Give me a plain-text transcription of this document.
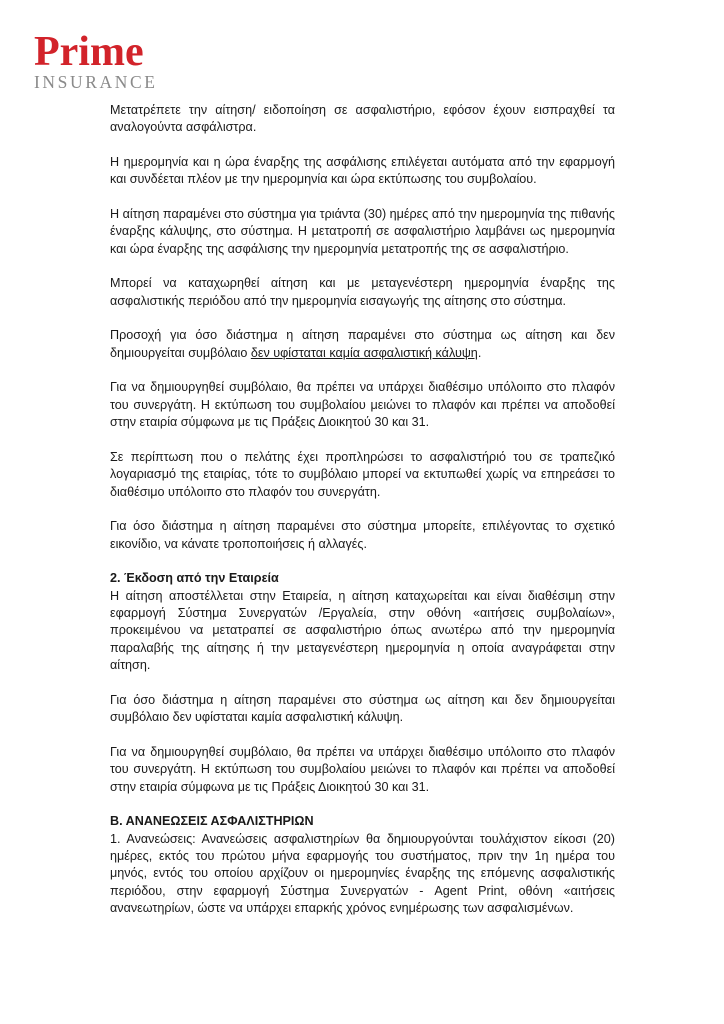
Prime
INSURANCE

Μετατρέπετε την αίτηση/ ειδοποίηση σε ασφαλιστήριο, εφόσον έχουν εισπραχθεί τα αναλογούντα ασφάλιστρα.

Η ημερομηνία και η ώρα έναρξης της ασφάλισης επιλέγεται αυτόματα από την εφαρμογή και συνδέεται πλέον με την ημερομηνία και ώρα εκτύπωσης του συμβολαίου.

Η αίτηση παραμένει στο σύστημα για τριάντα (30) ημέρες από την ημερομηνία της πιθανής έναρξης κάλυψης, στο σύστημα. Η μετατροπή σε ασφαλιστήριο λαμβάνει ως ημερομηνία και ώρα έναρξης της ασφάλισης την ημερομηνία μετατροπής της σε ασφαλιστήριο.

Μπορεί να καταχωρηθεί αίτηση και με μεταγενέστερη ημερομηνία έναρξης της ασφαλιστικής περιόδου από την ημερομηνία εισαγωγής της αίτησης στο σύστημα.

Προσοχή για όσο διάστημα η αίτηση παραμένει στο σύστημα ως αίτηση και δεν δημιουργείται συμβόλαιο δεν υφίσταται καμία ασφαλιστική κάλυψη.

Για να δημιουργηθεί συμβόλαιο, θα πρέπει να υπάρχει διαθέσιμο υπόλοιπο στο πλαφόν του συνεργάτη. Η εκτύπωση του συμβολαίου μειώνει το πλαφόν και πρέπει να αποδοθεί στην εταιρία σύμφωνα με τις Πράξεις Διοικητού 30 και 31.

Σε περίπτωση που ο πελάτης έχει προπληρώσει το ασφαλιστήριό του σε τραπεζικό λογαριασμό της εταιρίας, τότε το συμβόλαιο μπορεί να εκτυπωθεί χωρίς να επηρεάσει το διαθέσιμο υπόλοιπο στο πλαφόν του συνεργάτη.

Για όσο διάστημα η αίτηση παραμένει στο σύστημα μπορείτε, επιλέγοντας το σχετικό εικονίδιο, να κάνατε τροποποιήσεις ή αλλαγές.

2. Έκδοση από την Εταιρεία

Η αίτηση αποστέλλεται στην Εταιρεία, η αίτηση καταχωρείται και είναι διαθέσιμη στην εφαρμογή Σύστημα Συνεργατών /Εργαλεία, στην οθόνη «αιτήσεις συμβολαίων», προκειμένου να μετατραπεί σε ασφαλιστήριο όπως ανωτέρω από την ημερομηνία παραλαβής της αίτησης ή την μεταγενέστερη ημερομηνία η οποία αναγράφεται στην αίτηση.

Για όσο διάστημα η αίτηση παραμένει στο σύστημα ως αίτηση και δεν δημιουργείται συμβόλαιο δεν υφίσταται καμία ασφαλιστική κάλυψη.

Για να δημιουργηθεί συμβόλαιο, θα πρέπει να υπάρχει διαθέσιμο υπόλοιπο στο πλαφόν του συνεργάτη. Η εκτύπωση του συμβολαίου μειώνει το πλαφόν και πρέπει να αποδοθεί στην εταιρία σύμφωνα με τις Πράξεις Διοικητού 30 και 31.

Β. ΑΝΑΝΕΩΣΕΙΣ ΑΣΦΑΛΙΣΤΗΡΙΩΝ

1. Ανανεώσεις: Ανανεώσεις ασφαλιστηρίων θα δημιουργούνται τουλάχιστον είκοσι (20) ημέρες, εκτός του πρώτου μήνα εφαρμογής του συστήματος, πριν την 1η ημέρα του μηνός, εντός του οποίου αρχίζουν οι ημερομηνίες έναρξης της επόμενης ασφαλιστικής περιόδου, στην εφαρμογή Σύστημα Συνεργατών - Agent Print, οθόνη «αιτήσεις ανανεωτηρίων, ώστε να υπάρχει επαρκής χρόνος ενημέρωσης των ασφαλισμένων.
